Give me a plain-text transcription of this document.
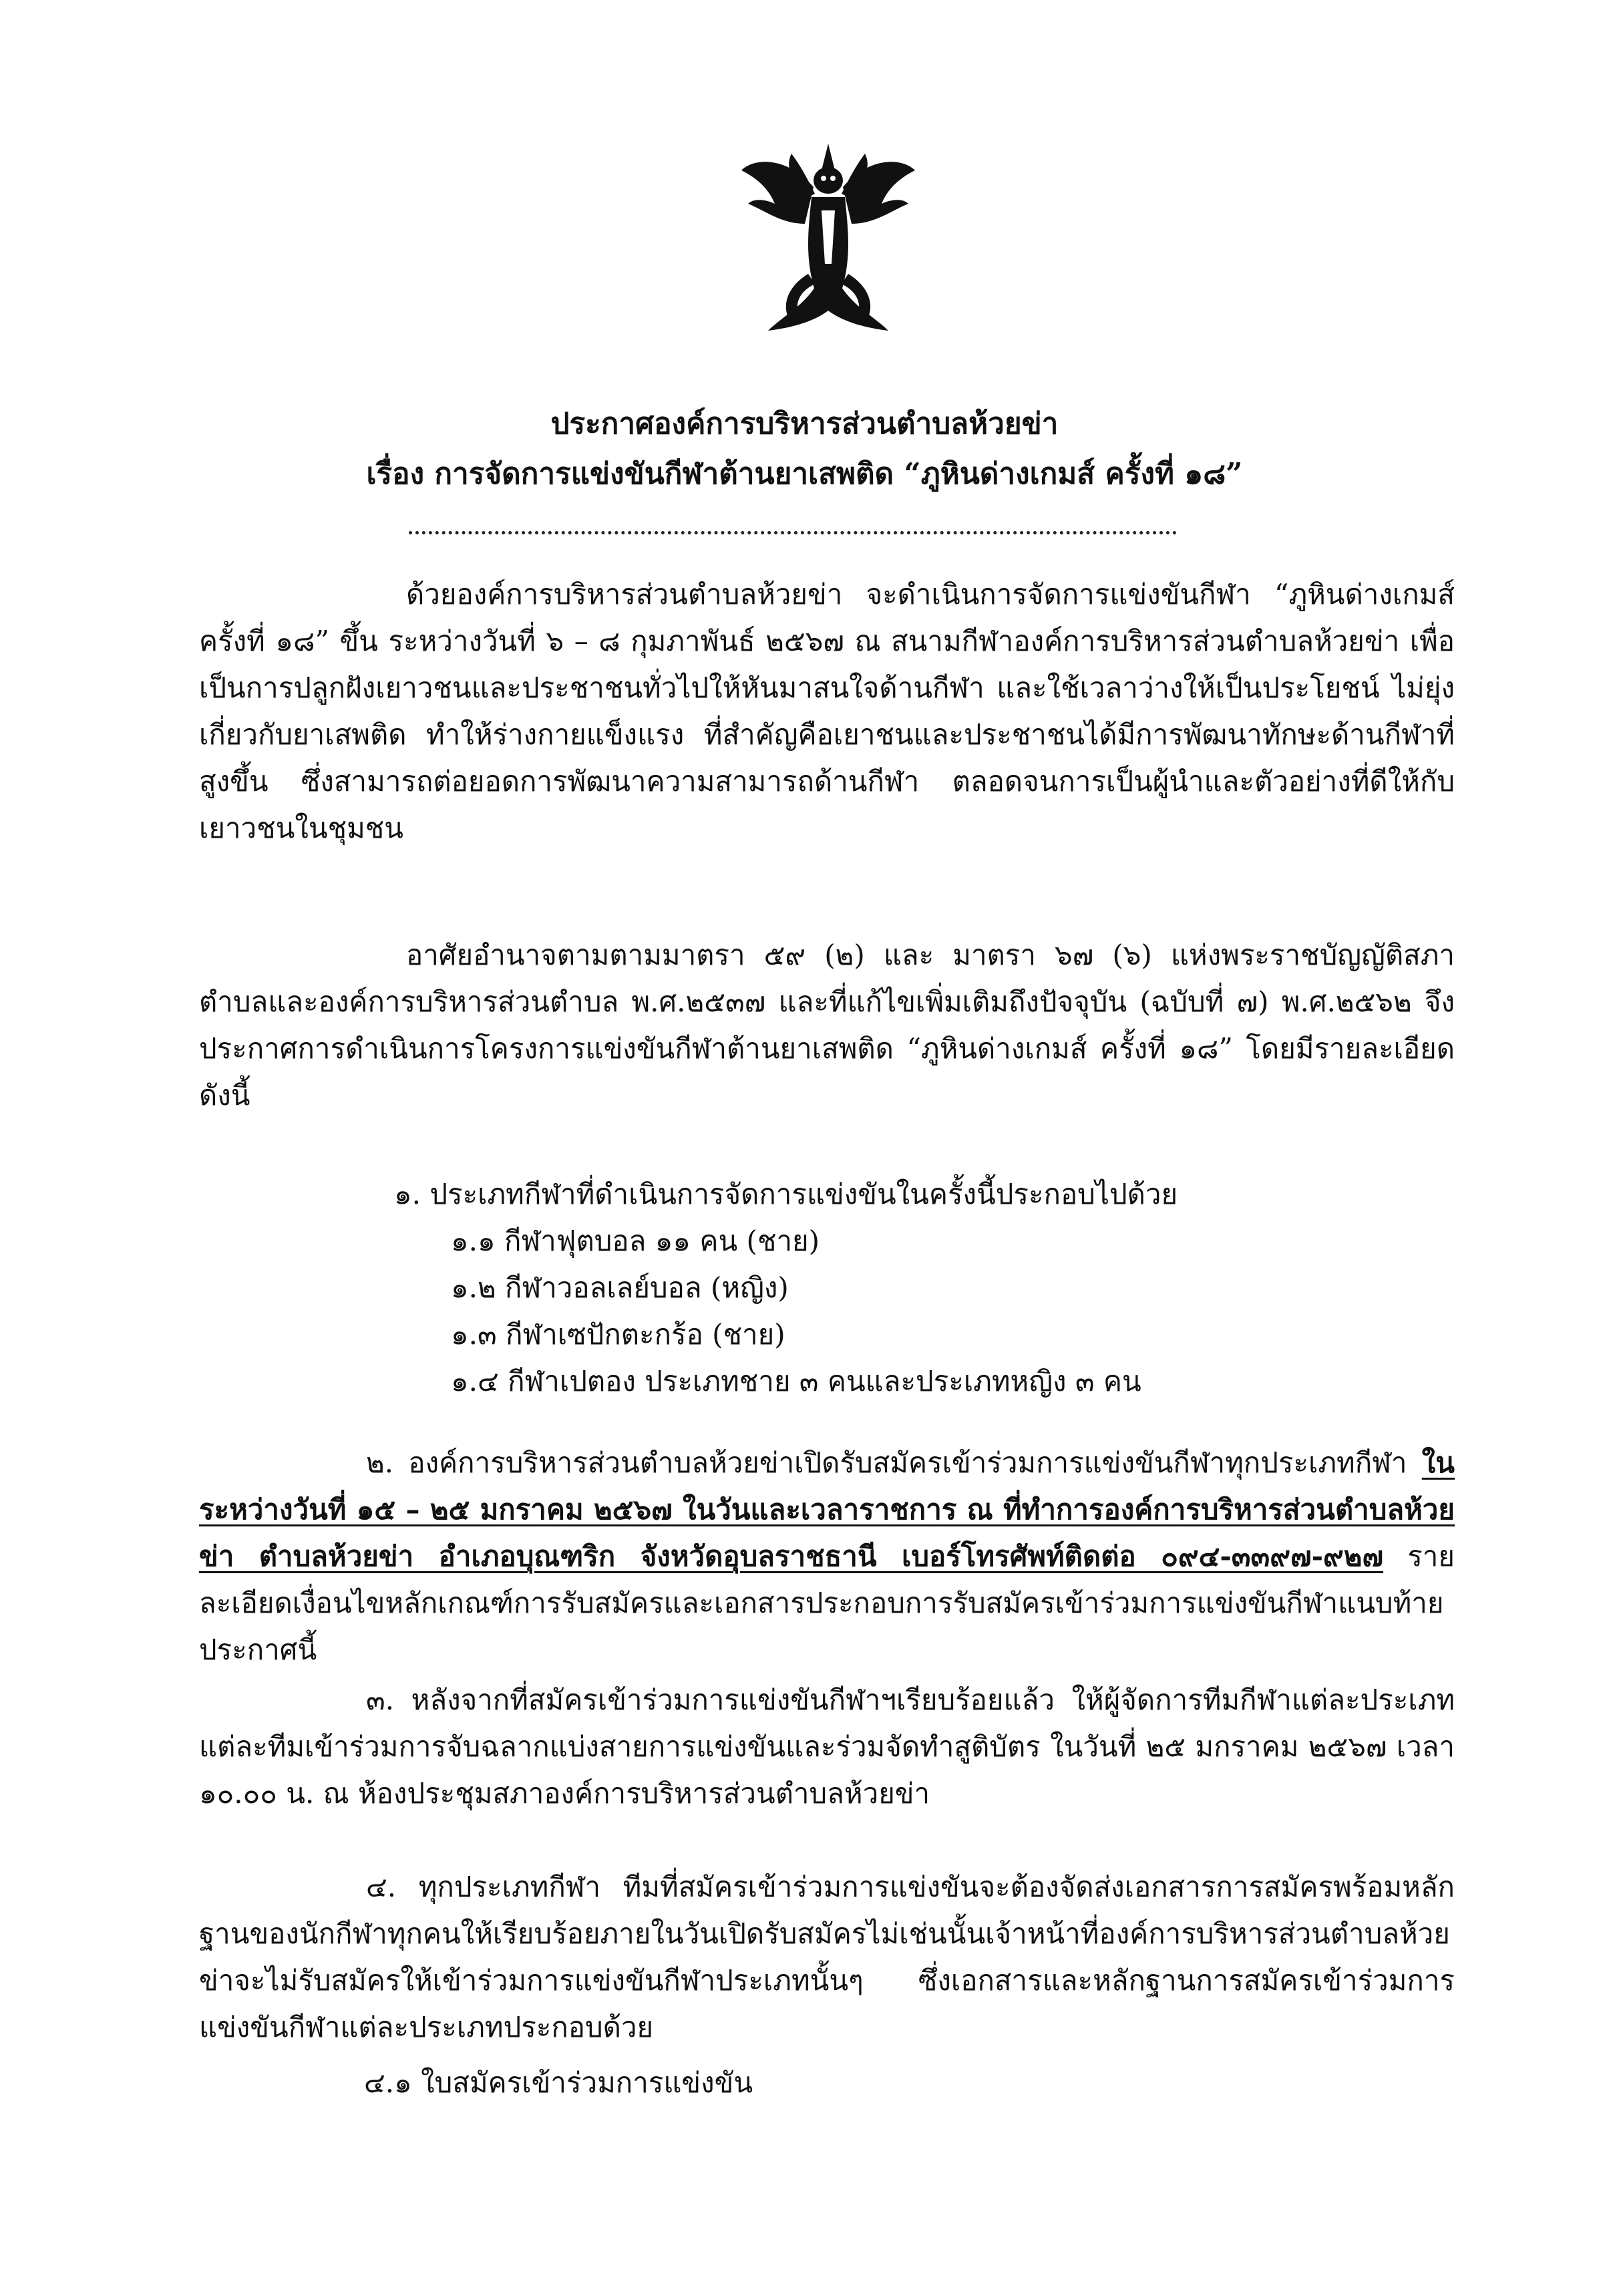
ประกาศองค์การบริหารส่วนตำบลห้วยข่า
เรื่อง การจัดการแข่งขันกีฬาต้านยาเสพติด “ภูหินด่างเกมส์ ครั้งที่ ๑๘”
ด้วยองค์การบริหารส่วนตำบลห้วยข่า จะดำเนินการจัดการแข่งขันกีฬา “ภูหินด่างเกมส์ ครั้งที่ ๑๘” ขึ้น ระหว่างวันที่ ๖ – ๘ กุมภาพันธ์ ๒๕๖๗ ณ สนามกีฬาองค์การบริหารส่วนตำบลห้วยข่า เพื่อเป็นการปลูกฝังเยาวชนและประชาชนทั่วไปให้หันมาสนใจด้านกีฬา และใช้เวลาว่างให้เป็นประโยชน์ ไม่ยุ่งเกี่ยวกับยาเสพติด ทำให้ร่างกายแข็งแรง ที่สำคัญคือเยาชนและประชาชนได้มีการพัฒนาทักษะด้านกีฬาที่สูงขึ้น ซึ่งสามารถต่อยอดการพัฒนาความสามารถด้านกีฬา ตลอดจนการเป็นผู้นำและตัวอย่างที่ดีให้กับเยาวชนในชุมชน
อาศัยอำนาจตามตามมาตรา ๕๙ (๒) และ มาตรา ๖๗ (๖) แห่งพระราชบัญญัติสภาตำบลและองค์การบริหารส่วนตำบล พ.ศ.๒๕๓๗ และที่แก้ไขเพิ่มเติมถึงปัจจุบัน (ฉบับที่ ๗) พ.ศ.๒๕๖๒ จึงประกาศการดำเนินการโครงการแข่งขันกีฬาต้านยาเสพติด “ภูหินด่างเกมส์ ครั้งที่ ๑๘” โดยมีรายละเอียดดังนี้
๑. ประเภทกีฬาที่ดำเนินการจัดการแข่งขันในครั้งนี้ประกอบไปด้วย
๑.๑ กีฬาฟุตบอล ๑๑ คน (ชาย)
๑.๒ กีฬาวอลเลย์บอล (หญิง)
๑.๓ กีฬาเซปักตะกร้อ (ชาย)
๑.๔ กีฬาเปตอง ประเภทชาย ๓ คนและประเภทหญิง ๓ คน
๒. องค์การบริหารส่วนตำบลห้วยข่าเปิดรับสมัครเข้าร่วมการแข่งขันกีฬาทุกประเภทกีฬา ในระหว่างวันที่ ๑๕ – ๒๕ มกราคม ๒๕๖๗ ในวันและเวลาราชการ ณ ที่ทำการองค์การบริหารส่วนตำบลห้วยข่า ตำบลห้วยข่า อำเภอบุณฑริก จังหวัดอุบลราชธานี เบอร์โทรศัพท์ติดต่อ ๐๙๔-๓๓๙๗-๙๒๗ รายละเอียดเงื่อนไขหลักเกณฑ์การรับสมัครและเอกสารประกอบการรับสมัครเข้าร่วมการแข่งขันกีฬาแนบท้ายประกาศนี้
๓. หลังจากที่สมัครเข้าร่วมการแข่งขันกีฬาฯเรียบร้อยแล้ว ให้ผู้จัดการทีมกีฬาแต่ละประเภทแต่ละทีมเข้าร่วมการจับฉลากแบ่งสายการแข่งขันและร่วมจัดทำสูติบัตร ในวันที่ ๒๕ มกราคม ๒๕๖๗ เวลา ๑๐.๐๐ น. ณ ห้องประชุมสภาองค์การบริหารส่วนตำบลห้วยข่า
๔. ทุกประเภทกีฬา ทีมที่สมัครเข้าร่วมการแข่งขันจะต้องจัดส่งเอกสารการสมัครพร้อมหลักฐานของนักกีฬาทุกคนให้เรียบร้อยภายในวันเปิดรับสมัครไม่เช่นนั้นเจ้าหน้าที่องค์การบริหารส่วนตำบลห้วยข่าจะไม่รับสมัครให้เข้าร่วมการแข่งขันกีฬาประเภทนั้นๆ ซึ่งเอกสารและหลักฐานการสมัครเข้าร่วมการแข่งขันกีฬาแต่ละประเภทประกอบด้วย
๔.๑ ใบสมัครเข้าร่วมการแข่งขัน
